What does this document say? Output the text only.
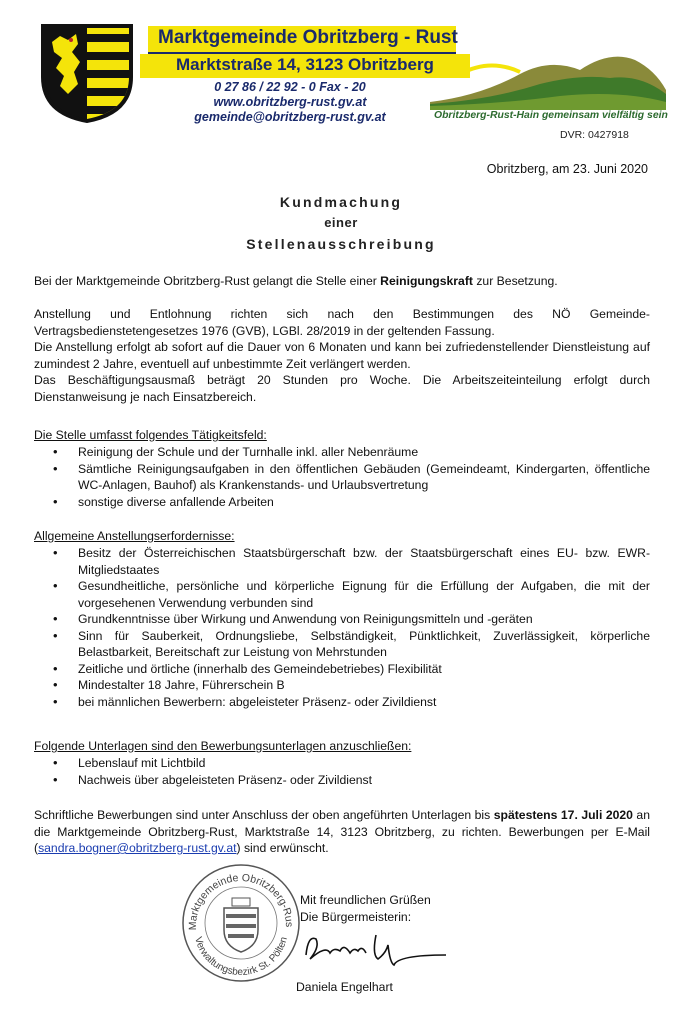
Marktgemeinde Obritzberg - Rust
Marktstraße 14, 3123 Obritzberg
0 27 86 / 22 92 - 0 Fax - 20
www.obritzberg-rust.gv.at
gemeinde@obritzberg-rust.gv.at	Obritzberg-Rust-Hain gemeinsam vielfältig sein
DVR: 0427918
Obritzberg, am 23. Juni 2020
Kundmachung
einer
Stellenausschreibung
Bei der Marktgemeinde Obritzberg-Rust gelangt die Stelle einer Reinigungskraft zur Besetzung.
Anstellung und Entlohnung richten sich nach den Bestimmungen des NÖ Gemeinde-Vertragsbedienstetengesetzes 1976 (GVB), LGBl. 28/2019 in der geltenden Fassung.
Die Anstellung erfolgt ab sofort auf die Dauer von 6 Monaten und kann bei zufriedenstellender Dienstleistung auf zumindest 2 Jahre, eventuell auf unbestimmte Zeit verlängert werden.
Das Beschäftigungsausmaß beträgt 20 Stunden pro Woche. Die Arbeitszeiteinteilung erfolgt durch Dienstanweisung je nach Einsatzbereich.
Die Stelle umfasst folgendes Tätigkeitsfeld:
• Reinigung der Schule und der Turnhalle inkl. aller Nebenräume
• Sämtliche Reinigungsaufgaben in den öffentlichen Gebäuden (Gemeindeamt, Kindergarten, öffentliche WC-Anlagen, Bauhof) als Krankenstands- und Urlaubsvertretung
• sonstige diverse anfallende Arbeiten
Allgemeine Anstellungserfordernisse:
• Besitz der Österreichischen Staatsbürgerschaft bzw. der Staatsbürgerschaft eines EU- bzw. EWR-Mitgliedstaates
• Gesundheitliche, persönliche und körperliche Eignung für die Erfüllung der Aufgaben, die mit der vorgesehenen Verwendung verbunden sind
• Grundkenntnisse über Wirkung und Anwendung von Reinigungsmitteln und -geräten
• Sinn für Sauberkeit, Ordnungsliebe, Selbständigkeit, Pünktlichkeit, Zuverlässigkeit, körperliche Belastbarkeit, Bereitschaft zur Leistung von Mehrstunden
• Zeitliche und örtliche (innerhalb des Gemeindebetriebes) Flexibilität
• Mindestalter 18 Jahre, Führerschein B
• bei männlichen Bewerbern: abgeleisteter Präsenz- oder Zivildienst
Folgende Unterlagen sind den Bewerbungsunterlagen anzuschließen:
• Lebenslauf mit Lichtbild
• Nachweis über abgeleisteten Präsenz- oder Zivildienst
Schriftliche Bewerbungen sind unter Anschluss der oben angeführten Unterlagen bis spätestens 17. Juli 2020 an die Marktgemeinde Obritzberg-Rust, Marktstraße 14, 3123 Obritzberg, zu richten. Bewerbungen per E-Mail (sandra.bogner@obritzberg-rust.gv.at) sind erwünscht.
Marktgemeinde Obritzberg-Rus
Verwaltungsbezirk St. Pölten
Mit freundlichen Grüßen
Die Bürgermeisterin:
Daniela Engelhart
